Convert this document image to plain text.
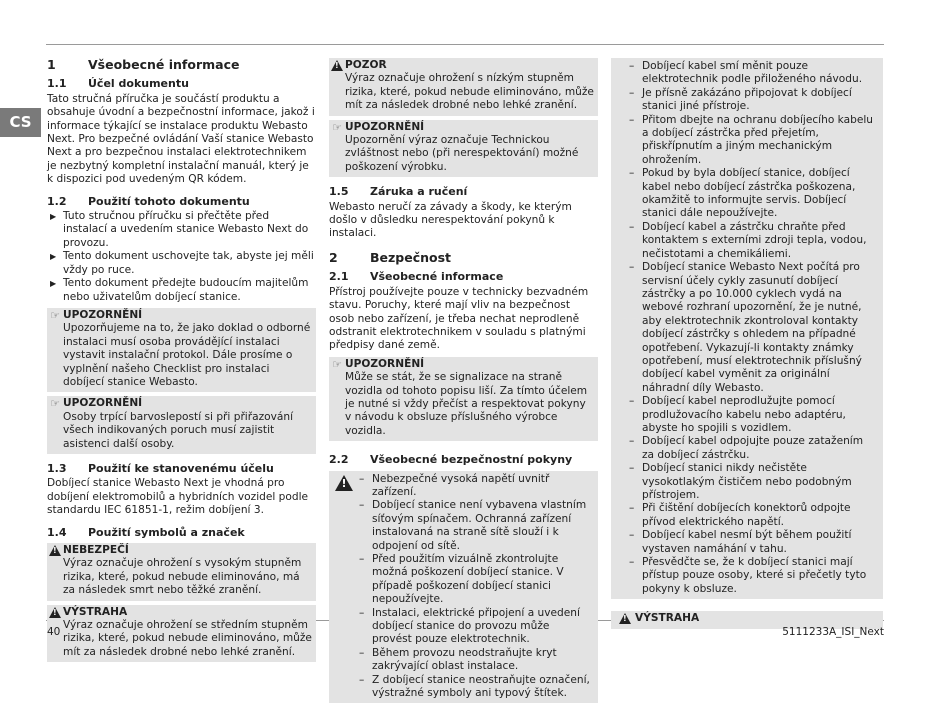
CS
1	Všeobecné informace
1.1	Účel dokumentu

Tato stručná příručka je součástí produktu a obsahuje úvodní a bezpečnostní informace, jakož i informace týkající se instalace produktu Webasto Next. Pro bezpečné ovládání Vaší stanice Webasto Next a pro bezpečnou instalaci elektrotechnikem je nezbytný kompletní instalační manuál, který je k dispozici pod uvedeným QR kódem.

1.2	Použití tohoto dokumentu
▶ Tuto stručnou příručku si přečtěte před instalací a uvedením stanice Webasto Next do provozu.
▶ Tento dokument uschovejte tak, abyste jej měli vždy po ruce.
▶ Tento dokument předejte budoucím majitelům nebo uživatelům dobíjecí stanice.
☞ UPOZORNĚNÍ

Upozorňujeme na to, že jako doklad o odborné instalaci musí osoba provádějící instalaci vystavit instalační protokol. Dále prosíme o vyplnění našeho Checklist pro instalaci dobíjecí stanice Webasto.

☞ UPOZORNĚNÍ

Osoby trpící barvoslepostí si při přiřazování všech indikovaných poruch musí zajistit asistenci další osoby.

1.3	Použití ke stanovenému účelu

Dobíjecí stanice Webasto Next je vhodná pro dobíjení elektromobilů a hybridních vozidel podle standardu IEC 61851-1, režim dobíjení 3.

1.4	Použití symbolů a značek
!
NEBEZPEČÍ

Výraz označuje ohrožení s vysokým stupněm rizika, které, pokud nebude eliminováno, má za následek smrt nebo těžké zranění.

!
VÝSTRAHA

Výraz označuje ohrožení se středním stupněm rizika, které, pokud nebude eliminováno, může mít za následek drobné nebo lehké zranění.

!
POZOR

Výraz označuje ohrožení s nízkým stupněm rizika, které, pokud nebude eliminováno, může mít za následek drobné nebo lehké zranění.

☞ UPOZORNĚNÍ

Upozornění výraz označuje Technickou zvláštnost nebo (při nerespektování) možné poškození výrobku.

1.5	Záruka a ručení

Webasto neručí za závady a škody, ke kterým došlo v důsledku nerespektování pokynů k instalaci.

2	Bezpečnost
2.1	Všeobecné informace

Přístroj používejte pouze v technicky bezvadném stavu. Poruchy, které mají vliv na bezpečnost osob nebo zařízení, je třeba nechat neprodleně odstranit elektrotechnikem v souladu s platnými předpisy dané země.

☞ UPOZORNĚNÍ

Může se stát, že se signalizace na straně vozidla od tohoto popisu liší. Za tímto účelem je nutné si vždy přečíst a respektovat pokyny v návodu k obsluze příslušného výrobce vozidla.

2.2	Všeobecné bezpečnostní pokyny
!
– Nebezpečné vysoká napětí uvnitř zařízení.
– Dobíjecí stanice není vybavena vlastním síťovým spínačem. Ochranná zařízení instalovaná na straně sítě slouží i k odpojení od sítě.
– Před použitím vizuálně zkontrolujte možná poškození dobíjecí stanice. V případě poškození dobíjecí stanici nepoužívejte.
– Instalaci, elektrické připojení a uvedení dobíjecí stanice do provozu může provést pouze elektrotechnik.
– Během provozu neodstraňujte kryt zakrývající oblast instalace.
– Z dobíjecí stanice neostraňujte označení, výstražné symboly ani typový štítek.
– Dobíjecí kabel smí měnit pouze elektrotechnik podle přiloženého návodu.
– Je přísně zakázáno připojovat k dobíjecí stanici jiné přístroje.
– Přitom dbejte na ochranu dobíjecího kabelu a dobíjecí zástrčka před přejetím, přiskřípnutím a jiným mechanickým ohrožením.
– Pokud by byla dobíjecí stanice, dobíjecí kabel nebo dobíjecí zástrčka poškozena, okamžitě to informujte servis. Dobíjecí stanici dále nepoužívejte.
– Dobíjecí kabel a zástrčku chraňte před kontaktem s externími zdroji tepla, vodou, nečistotami a chemikáliemi.
– Dobíjecí stanice Webasto Next počítá pro servisní účely cykly zasunutí dobíjecí zástrčky a po 10.000 cyklech vydá na webové rozhraní upozornění, že je nutné, aby elektrotechnik zkontroloval kontakty dobíjecí zástrčky s ohledem na případné opotřebení. Vykazují-li kontakty známky opotřebení, musí elektrotechnik příslušný dobíjecí kabel vyměnit za originální náhradní díly Webasto.
– Dobíjecí kabel neprodlužujte pomocí prodlužovacího kabelu nebo adaptéru, abyste ho spojili s vozidlem.
– Dobíjecí kabel odpojujte pouze zatažením za dobíjecí zástrčku.
– Dobíjecí stanici nikdy nečistěte vysokotlakým čističem nebo podobným přístrojem.
– Při čištění dobíjecích konektorů odpojte přívod elektrického napětí.
– Dobíjecí kabel nesmí být během použití vystaven namáhání v tahu.
– Přesvědčte se, že k dobíjecí stanici mají přístup pouze osoby, které si přečetly tyto pokyny k obsluze.
!
VÝSTRAHA
40	5111233A_ISI_Next
